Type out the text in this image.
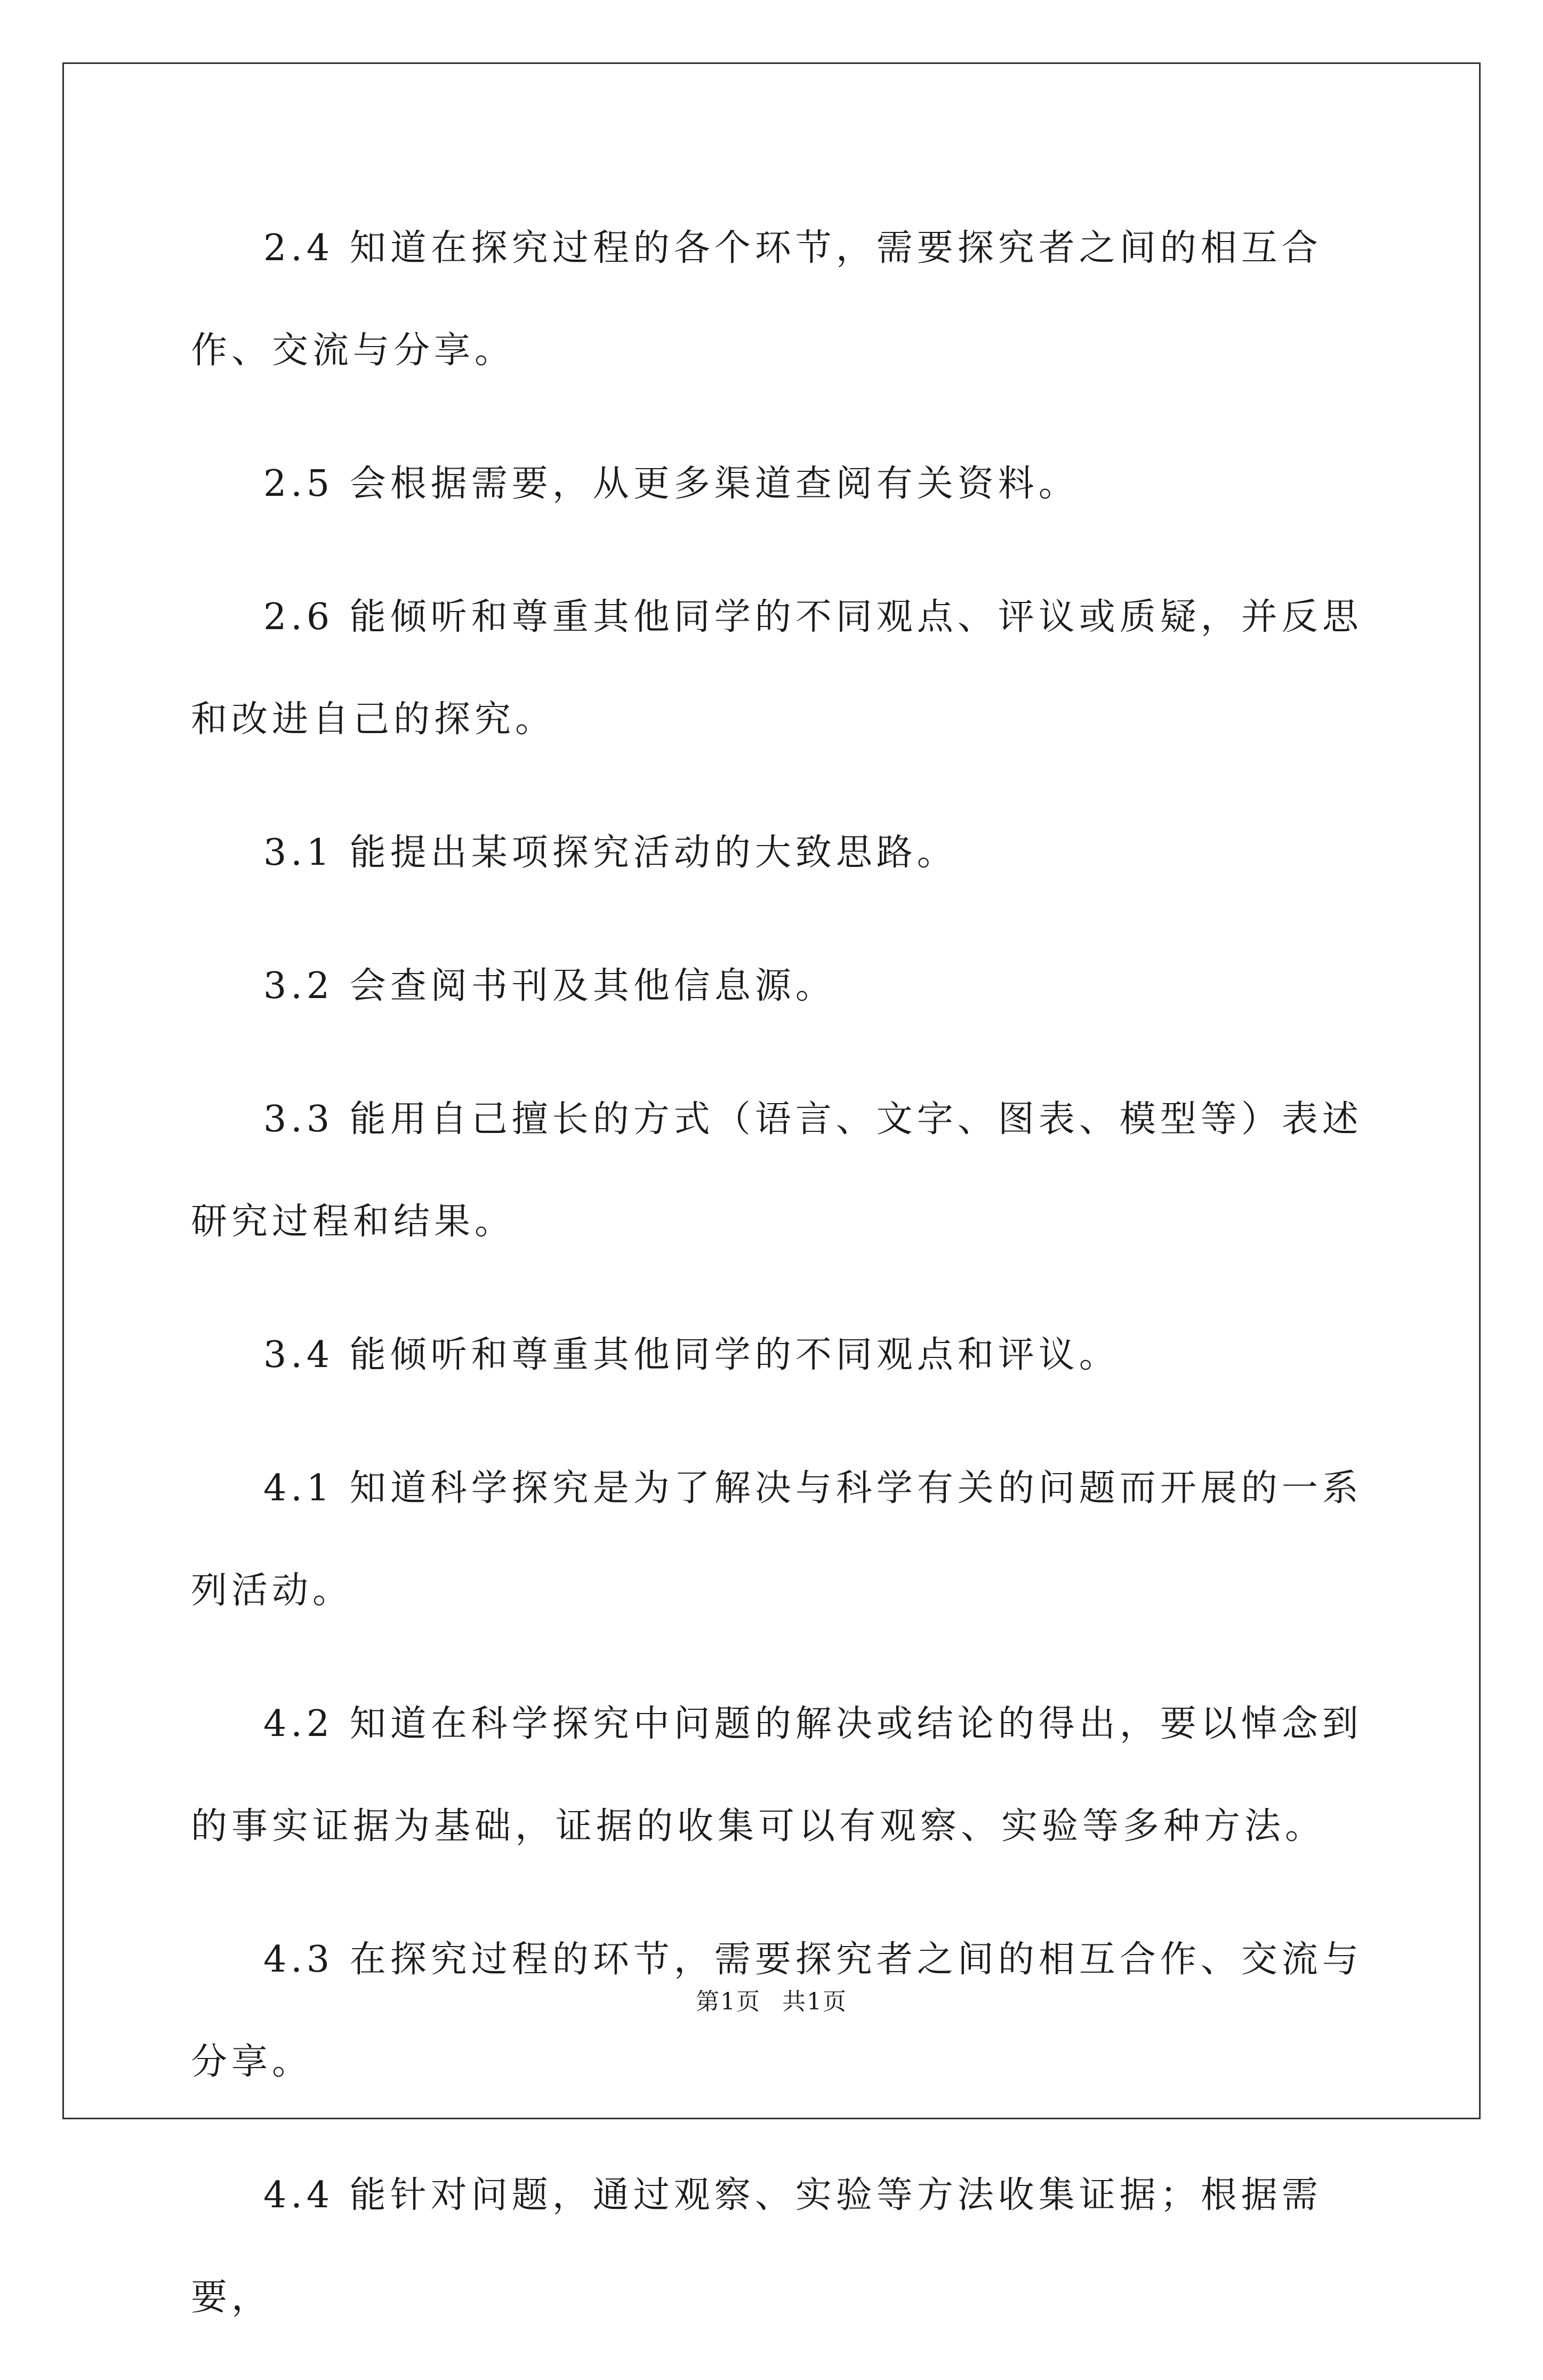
2.4 知道在探究过程的各个环节，需要探究者之间的相互合作、交流与分享。

2.5 会根据需要，从更多渠道查阅有关资料。

2.6 能倾听和尊重其他同学的不同观点、评议或质疑，并反思和改进自己的探究。

3.1 能提出某项探究活动的大致思路。

3.2 会查阅书刊及其他信息源。

3.3 能用自己擅长的方式（语言、文字、图表、模型等）表述研究过程和结果。

3.4 能倾听和尊重其他同学的不同观点和评议。

4.1 知道科学探究是为了解决与科学有关的问题而开展的一系列活动。

4.2 知道在科学探究中问题的解决或结论的得出，要以悼念到的事实证据为基础，证据的收集可以有观察、实验等多种方法。

4.3 在探究过程的环节，需要探究者之间的相互合作、交流与分享。

4.4 能针对问题，通过观察、实验等方法收集证据；根据需要，

第1页 共1页
